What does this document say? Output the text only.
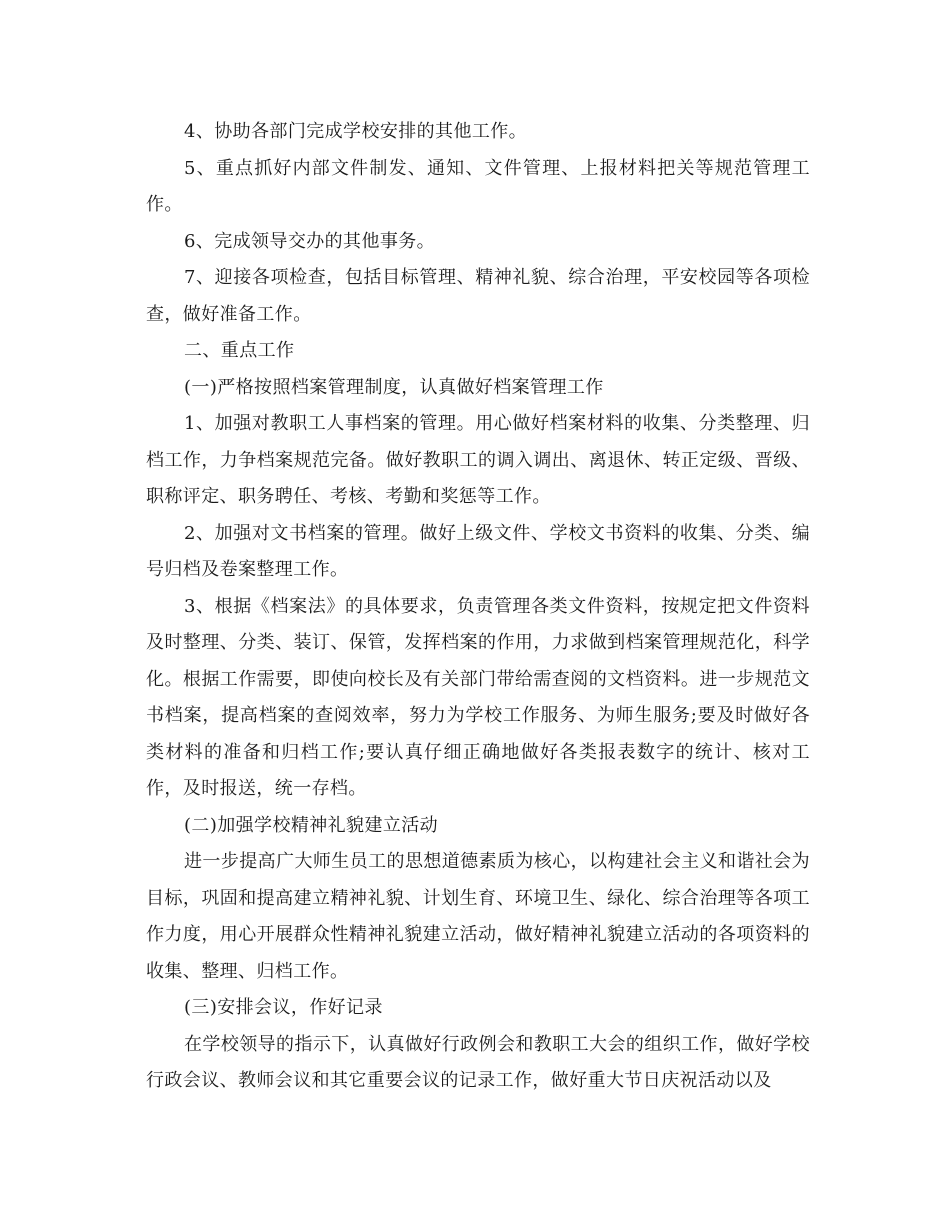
4、协助各部门完成学校安排的其他工作。

5、重点抓好内部文件制发、通知、文件管理、上报材料把关等规范管理工作。

6、完成领导交办的其他事务。

7、迎接各项检查，包括目标管理、精神礼貌、综合治理，平安校园等各项检查，做好准备工作。

二、重点工作

(一)严格按照档案管理制度，认真做好档案管理工作

1、加强对教职工人事档案的管理。用心做好档案材料的收集、分类整理、归档工作，力争档案规范完备。做好教职工的调入调出、离退休、转正定级、晋级、职称评定、职务聘任、考核、考勤和奖惩等工作。

2、加强对文书档案的管理。做好上级文件、学校文书资料的收集、分类、编号归档及卷案整理工作。

3、根据《档案法》的具体要求，负责管理各类文件资料，按规定把文件资料及时整理、分类、装订、保管，发挥档案的作用，力求做到档案管理规范化，科学化。根据工作需要，即使向校长及有关部门带给需查阅的文档资料。进一步规范文书档案，提高档案的查阅效率，努力为学校工作服务、为师生服务;要及时做好各类材料的准备和归档工作;要认真仔细正确地做好各类报表数字的统计、核对工作，及时报送，统一存档。

(二)加强学校精神礼貌建立活动

进一步提高广大师生员工的思想道德素质为核心，以构建社会主义和谐社会为目标，巩固和提高建立精神礼貌、计划生育、环境卫生、绿化、综合治理等各项工作力度，用心开展群众性精神礼貌建立活动，做好精神礼貌建立活动的各项资料的收集、整理、归档工作。

(三)安排会议，作好记录

在学校领导的指示下，认真做好行政例会和教职工大会的组织工作，做好学校行政会议、教师会议和其它重要会议的记录工作，做好重大节日庆祝活动以及
